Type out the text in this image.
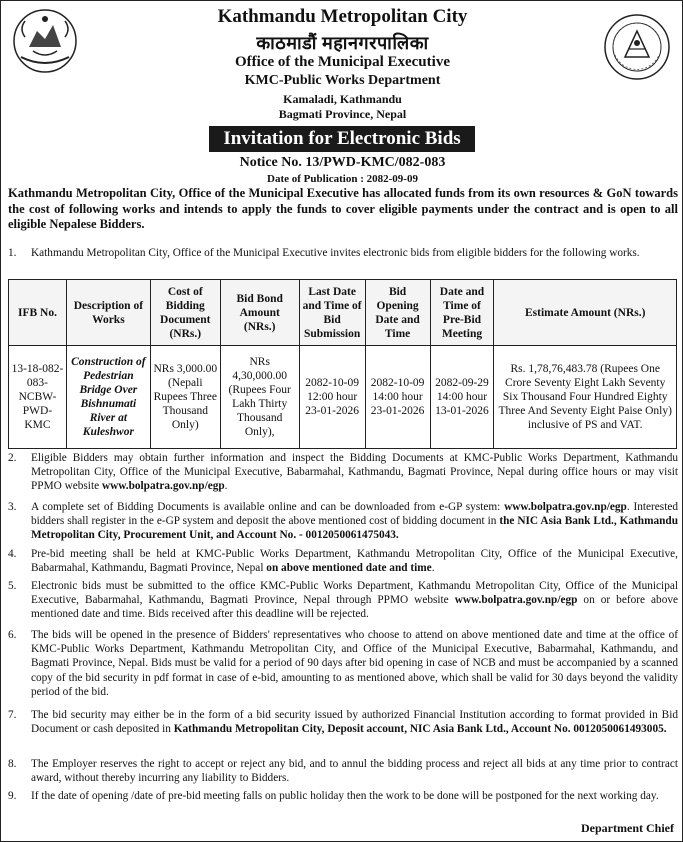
Kathmandu Metropolitan City
काठमाडौं महानगरपालिका
Office of the Municipal Executive
KMC-Public Works Department
Kamaladi, Kathmandu
Bagmati Province, Nepal
Invitation for Electronic Bids
Notice No. 13/PWD-KMC/082-083
Date of Publication : 2082-09-09
Kathmandu Metropolitan City, Office of the Municipal Executive has allocated funds from its own resources & GoN towards the cost of following works and intends to apply the funds to cover eligible payments under the contract and is open to all eligible Nepalese Bidders.
1. Kathmandu Metropolitan City, Office of the Municipal Executive invites electronic bids from eligible bidders for the following works.
IFB No.	Description of Works	Cost of Bidding Document (NRs.)	Bid Bond Amount (NRs.)	Last Date and Time of Bid Submission	Bid Opening Date and Time	Date and Time of Pre-Bid Meeting	Estimate Amount (NRs.)
13-18-082-083-NCBW-PWD-KMC	Construction of Pedestrian Bridge Over Bishnumati River at Kuleshwor	NRs 3,000.00 (Nepali Rupees Three Thousand Only)	NRs 4,30,000.00 (Rupees Four Lakh Thirty Thousand Only),	2082-10-09 12:00 hour 23-01-2026	2082-10-09 14:00 hour 23-01-2026	2082-09-29 14:00 hour 13-01-2026	Rs. 1,78,76,483.78 (Rupees One Crore Seventy Eight Lakh Seventy Six Thousand Four Hundred Eighty Three And Seventy Eight Paise Only) inclusive of PS and VAT.
2. Eligible Bidders may obtain further information and inspect the Bidding Documents at KMC-Public Works Department, Kathmandu Metropolitan City, Office of the Municipal Executive, Babarmahal, Kathmandu, Bagmati Province, Nepal during office hours or may visit PPMO website www.bolpatra.gov.np/egp.
3. A complete set of Bidding Documents is available online and can be downloaded from e-GP system: www.bolpatra.gov.np/egp. Interested bidders shall register in the e-GP system and deposit the above mentioned cost of bidding document in the NIC Asia Bank Ltd., Kathmandu Metropolitan City, Procurement Unit, and Account No. - 0012050061475043.
4. Pre-bid meeting shall be held at KMC-Public Works Department, Kathmandu Metropolitan City, Office of the Municipal Executive, Babarmahal, Kathmandu, Bagmati Province, Nepal on above mentioned date and time.
5. Electronic bids must be submitted to the office KMC-Public Works Department, Kathmandu Metropolitan City, Office of the Municipal Executive, Babarmahal, Kathmandu, Bagmati Province, Nepal through PPMO website www.bolpatra.gov.np/egp on or before above mentioned date and time. Bids received after this deadline will be rejected.
6. The bids will be opened in the presence of Bidders' representatives who choose to attend on above mentioned date and time at the office of KMC-Public Works Department, Kathmandu Metropolitan City, and Office of the Municipal Executive, Babarmahal, Kathmandu, and Bagmati Province, Nepal. Bids must be valid for a period of 90 days after bid opening in case of NCB and must be accompanied by a scanned copy of the bid security in pdf format in case of e-bid, amounting to as mentioned above, which shall be valid for 30 days beyond the validity period of the bid.
7. The bid security may either be in the form of a bid security issued by authorized Financial Institution according to format provided in Bid Document or cash deposited in Kathmandu Metropolitan City, Deposit account, NIC Asia Bank Ltd., Account No. 0012050061493005.
8. The Employer reserves the right to accept or reject any bid, and to annul the bidding process and reject all bids at any time prior to contract award, without thereby incurring any liability to Bidders.
9. If the date of opening /date of pre-bid meeting falls on public holiday then the work to be done will be postponed for the next working day.
Department Chief
